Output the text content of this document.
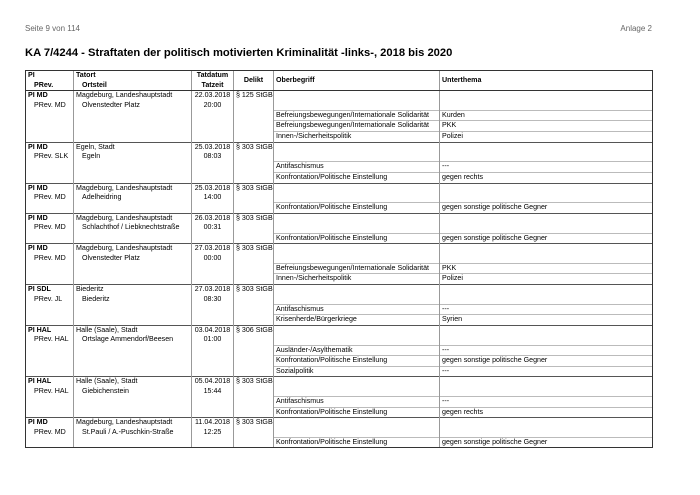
Seite 9 von 114	Anlage 2
KA 7/4244 - Straftaten der politisch motivierten Kriminalität -links-, 2018 bis 2020
PI	Tatort	Tatdatum			
PRev.	Ortsteil	Tatzeit	Delikt	Oberbegriff	Unterthema
PI MD	Magdeburg, Landeshauptstadt	22.03.2018	§ 125 StGB		
PRev. MD	Olvenstedter Platz	20:00			
				Befreiungsbewegungen/Internationale Solidarität	Kurden
				Befreiungsbewegungen/Internationale Solidarität	PKK
				Innen-/Sicherheitspolitik	Polizei
PI MD	Egeln, Stadt	25.03.2018	§ 303 StGB		
PRev. SLK	Egeln	08:03			
				Antifaschismus	---
				Konfrontation/Politische Einstellung	gegen rechts
PI MD	Magdeburg, Landeshauptstadt	25.03.2018	§ 303 StGB		
PRev. MD	Adelheidring	14:00			
				Konfrontation/Politische Einstellung	gegen sonstige politische Gegner
PI MD	Magdeburg, Landeshauptstadt	26.03.2018	§ 303 StGB		
PRev. MD	Schlachthof / Liebknechtstraße	00:31			
				Konfrontation/Politische Einstellung	gegen sonstige politische Gegner
PI MD	Magdeburg, Landeshauptstadt	27.03.2018	§ 303 StGB		
PRev. MD	Olvenstedter Platz	00:00			
				Befreiungsbewegungen/Internationale Solidarität	PKK
				Innen-/Sicherheitspolitik	Polizei
PI SDL	Biederitz	27.03.2018	§ 303 StGB		
PRev. JL	Biederitz	08:30			
				Antifaschismus	---
				Krisenherde/Bürgerkriege	Syrien
PI HAL	Halle (Saale), Stadt	03.04.2018	§ 306 StGB		
PRev. HAL	Ortslage Ammendorf/Beesen	01:00			
				Ausländer-/Asylthematik	---
				Konfrontation/Politische Einstellung	gegen sonstige politische Gegner
				Sozialpolitik	---
PI HAL	Halle (Saale), Stadt	05.04.2018	§ 303 StGB		
PRev. HAL	Giebichenstein	15:44			
				Antifaschismus	---
				Konfrontation/Politische Einstellung	gegen rechts
PI MD	Magdeburg, Landeshauptstadt	11.04.2018	§ 303 StGB		
PRev. MD	St.Pauli / A.-Puschkin-Straße	12:25			
				Konfrontation/Politische Einstellung	gegen sonstige politische Gegner
